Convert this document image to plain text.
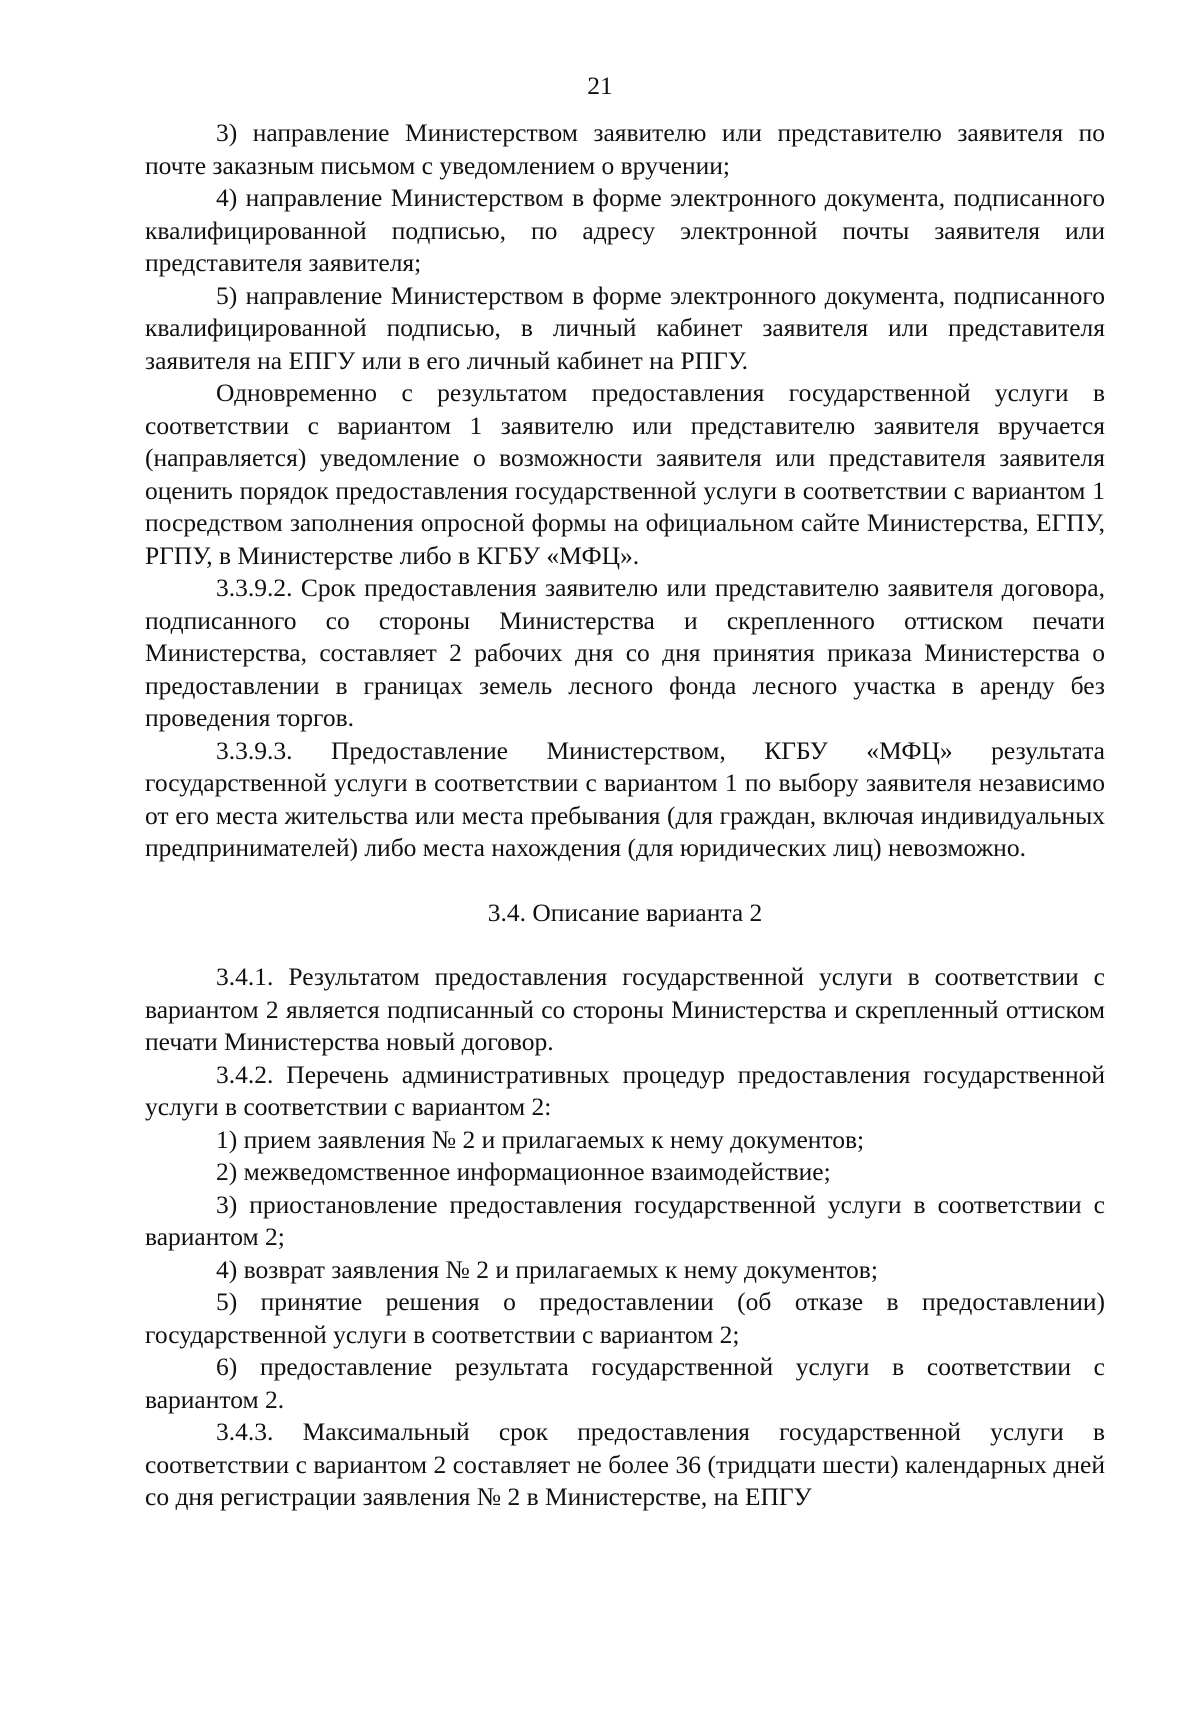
21

3) направление Министерством заявителю или представителю заявителя по почте заказным письмом с уведомлением о вручении;

4) направление Министерством в форме электронного документа, подписанного квалифицированной подписью, по адресу электронной почты заявителя или представителя заявителя;

5) направление Министерством в форме электронного документа, подписанного квалифицированной подписью, в личный кабинет заявителя или представителя заявителя на ЕПГУ или в его личный кабинет на РПГУ.

Одновременно с результатом предоставления государственной услуги в соответствии с вариантом 1 заявителю или представителю заявителя вручается (направляется) уведомление о возможности заявителя или представителя заявителя оценить порядок предоставления государственной услуги в соответствии с вариантом 1 посредством заполнения опросной формы на официальном сайте Министерства, ЕГПУ, РГПУ, в Министерстве либо в КГБУ «МФЦ».

3.3.9.2. Срок предоставления заявителю или представителю заявителя договора, подписанного со стороны Министерства и скрепленного оттиском печати Министерства, составляет 2 рабочих дня со дня принятия приказа Министерства о предоставлении в границах земель лесного фонда лесного участка в аренду без проведения торгов.

3.3.9.3. Предоставление Министерством, КГБУ «МФЦ» результата государственной услуги в соответствии с вариантом 1 по выбору заявителя независимо от его места жительства или места пребывания (для граждан, включая индивидуальных предпринимателей) либо места нахождения (для юридических лиц) невозможно.

3.4. Описание варианта 2

3.4.1. Результатом предоставления государственной услуги в соответствии с вариантом 2 является подписанный со стороны Министерства и скрепленный оттиском печати Министерства новый договор.

3.4.2. Перечень административных процедур предоставления государственной услуги в соответствии с вариантом 2:

1) прием заявления № 2 и прилагаемых к нему документов;

2) межведомственное информационное взаимодействие;

3) приостановление предоставления государственной услуги в соответствии с вариантом 2;

4) возврат заявления № 2 и прилагаемых к нему документов;

5) принятие решения о предоставлении (об отказе в предоставлении) государственной услуги в соответствии с вариантом 2;

6) предоставление результата государственной услуги в соответствии с вариантом 2.

3.4.3. Максимальный срок предоставления государственной услуги в соответствии с вариантом 2 составляет не более 36 (тридцати шести) календарных дней со дня регистрации заявления № 2 в Министерстве, на ЕПГУ
